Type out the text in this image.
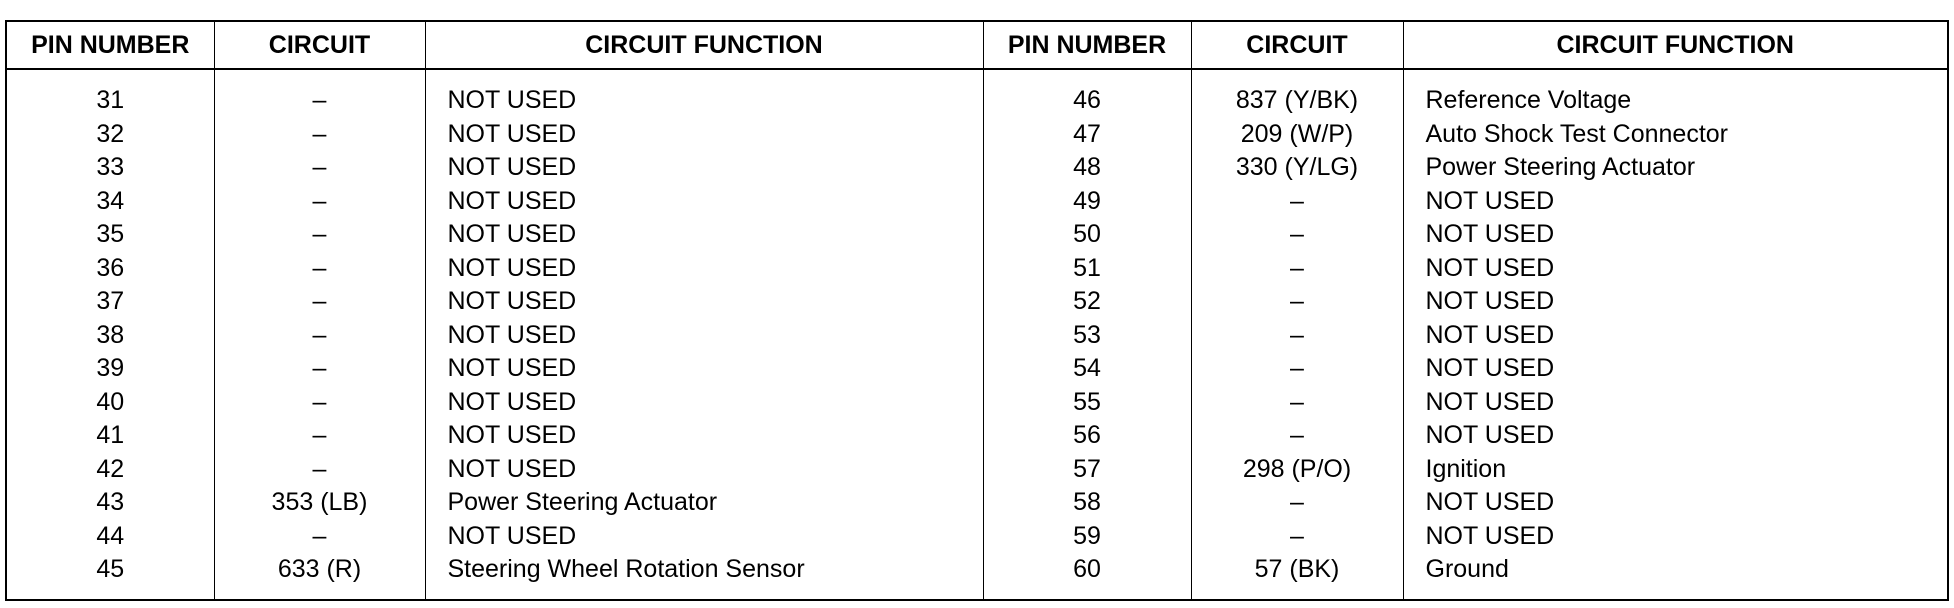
PIN NUMBER	CIRCUIT	CIRCUIT FUNCTION	PIN NUMBER	CIRCUIT	CIRCUIT FUNCTION
31	–	NOT USED	46	837 (Y/BK)	Reference Voltage
32	–	NOT USED	47	209 (W/P)	Auto Shock Test Connector
33	–	NOT USED	48	330 (Y/LG)	Power Steering Actuator
34	–	NOT USED	49	–	NOT USED
35	–	NOT USED	50	–	NOT USED
36	–	NOT USED	51	–	NOT USED
37	–	NOT USED	52	–	NOT USED
38	–	NOT USED	53	–	NOT USED
39	–	NOT USED	54	–	NOT USED
40	–	NOT USED	55	–	NOT USED
41	–	NOT USED	56	–	NOT USED
42	–	NOT USED	57	298 (P/O)	Ignition
43	353 (LB)	Power Steering Actuator	58	–	NOT USED
44	–	NOT USED	59	–	NOT USED
45	633 (R)	Steering Wheel Rotation Sensor	60	57 (BK)	Ground
